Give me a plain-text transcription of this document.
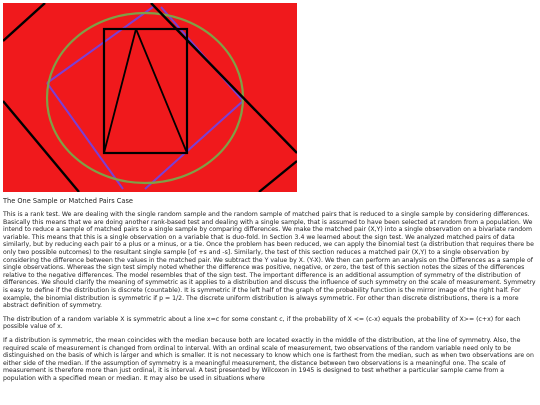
The One Sample or Matched Pairs Case

This is a rank test. We are dealing with the single random sample and the random sample of matched pairs that is reduced to a single sample by considering differences. Basically this means that we are doing another rank-based test and dealing with a single sample, that is assumed to have been selected at random from a population. We intend to reduce a sample of matched pairs to a single sample by comparing differences. We make the matched pair (X,Y) into a single observation on a bivariate random variable. This means that this is a single observation on a variable that is duo-fold. In Section 3.4 we learned about the sign test. We analyzed matched pairs of data similarly, but by reducing each pair to a plus or a minus, or a tie. Once the problem has been reduced, we can apply the binomial test (a distribution that requires there be only two possible outcomes) to the resultant single sample [of +s and -s]. Similarly, the test of this section reduces a matched pair (X,Y) to a single observation by considering the difference between the values in the matched pair. We subtract the Y value by X. (Y-X). We then can perform an analysis on the Differences as a sample of single observations. Whereas the sign test simply noted whether the difference was positive, negative, or zero, the test of this section notes the sizes of the differences relative to the negative differences. The model resembles that of the sign test. The important difference is an additional assumption of symmetry of the distribution of differences. We should clarify the meaning of symmetric as it applies to a distribution and discuss the influence of such symmetry on the scale of measurement. Symmetry is easy to define if the distribution is discrete (countable). It is symmetric if the left half of the graph of the probability function is the mirror image of the right half. For example, the binomial distribution is symmetric if p = 1/2. The discrete uniform distribution is always symmetric. For other than discrete distributions, there is a more abstract definition of symmetry.

The distribution of a random variable X is symmetric about a line x=c for some constant c, if the probability of X <= (c-x) equals the probability of X>= (c+x) for each possible value of x.

If a distribution is symmetric, the mean coincides with the median because both are located exactly in the middle of the distribution, at the line of symmetry. Also, the required scale of measurement is changed from ordinal to interval. With an ordinal scale of measurement, two observations of the random variable need only to be distinguished on the basis of which is larger and which is smaller. It is not necessary to know which one is farthest from the median, such as when two observations are on either side of the median. If the assumption of symmetry is a meaningful measurement, the distance between two observations is a meaningful one. The scale of measurement is therefore more than just ordinal, it is interval. A test presented by Wilcoxon in 1945 is designed to test whether a particular sample came from a population with a specified mean or median. It may also be used in situations where
